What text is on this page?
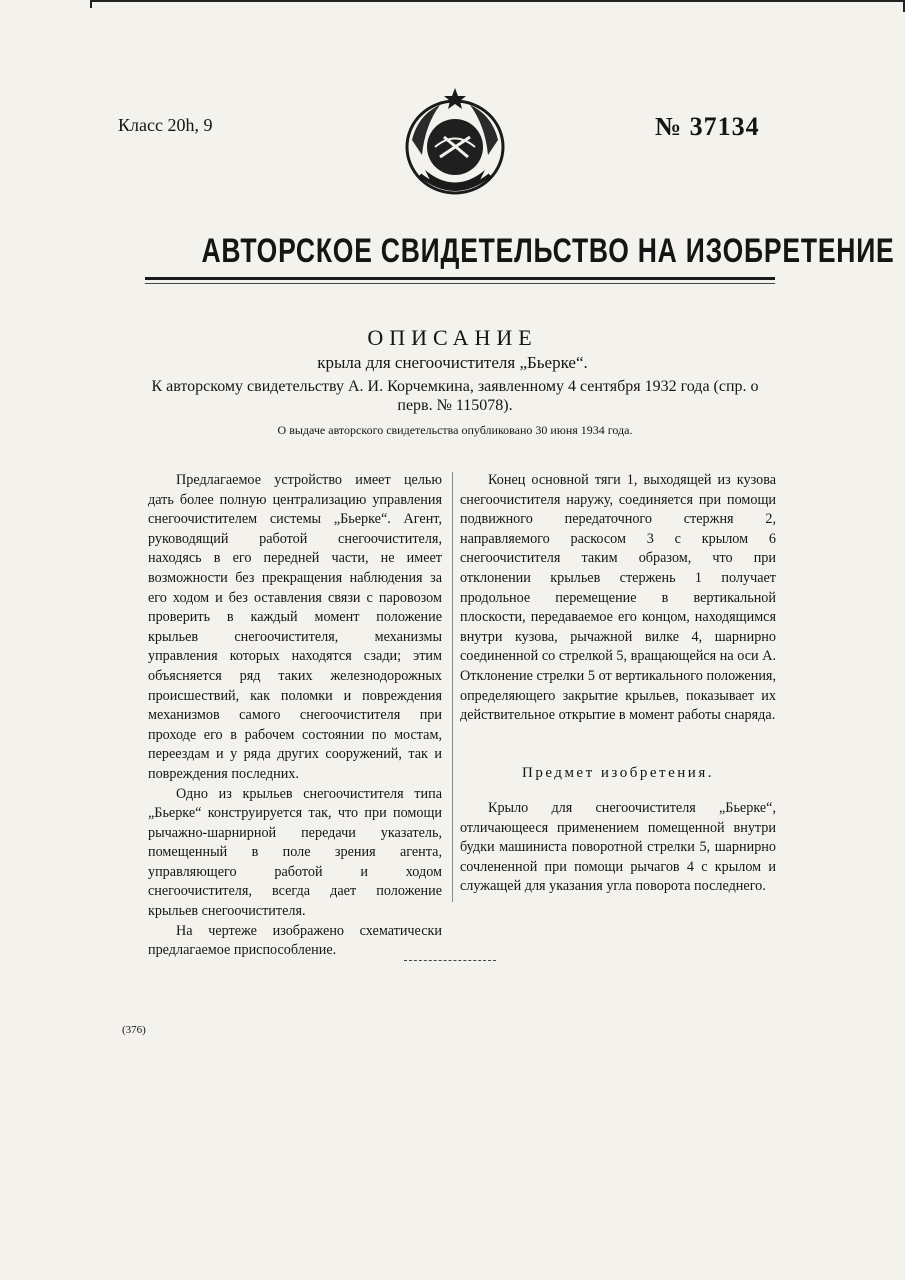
Класс 20h, 9	№ 37134
АВТОРСКОЕ СВИДЕТЕЛЬСТВО НА ИЗОБРЕТЕНИЕ
ОПИСАНИЕ
крыла для снегоочистителя „Бьерке“.
К авторскому свидетельству А. И. Корчемкина, заявленному 4 сентября 1932 года (спр. о перв. № 115078).
О выдаче авторского свидетельства опубликовано 30 июня 1934 года.

Предлагаемое устройство имеет целью дать более полную централизацию управления снегоочистителем системы „Бьерке“. Агент, руководящий работой снегоочистителя, находясь в его передней части, не имеет возможности без прекращения наблюдения за его ходом и без оставления связи с паровозом проверить в каждый момент положение крыльев снегоочистителя, механизмы управления которых находятся сзади; этим объясняется ряд таких железнодорожных происшествий, как поломки и повреждения механизмов самого снегоочистителя при проходе его в рабочем состоянии по мостам, переездам и у ряда других сооружений, так и повреждения последних.

Одно из крыльев снегоочистителя типа „Бьерке“ конструируется так, что при помощи рычажно-шарнирной передачи указатель, помещенный в поле зрения агента, управляющего работой и ходом снегоочистителя, всегда дает положение крыльев снегоочистителя.

На чертеже изображено схематически предлагаемое приспособление.

Конец основной тяги 1, выходящей из кузова снегоочистителя наружу, соединяется при помощи подвижного передаточного стержня 2, направляемого раскосом 3 с крылом 6 снегоочистителя таким образом, что при отклонении крыльев стержень 1 получает продольное перемещение в вертикальной плоскости, передаваемое его концом, находящимся внутри кузова, рычажной вилке 4, шарнирно соединенной со стрелкой 5, вращающейся на оси A. Отклонение стрелки 5 от вертикального положения, определяющего закрытие крыльев, показывает их действительное открытие в момент работы снаряда.

Предмет изобретения.

Крыло для снегоочистителя „Бьерке“, отличающееся применением помещенной внутри будки машиниста поворотной стрелки 5, шарнирно сочлененной при помощи рычагов 4 с крылом и служащей для указания угла поворота последнего.

(376)
